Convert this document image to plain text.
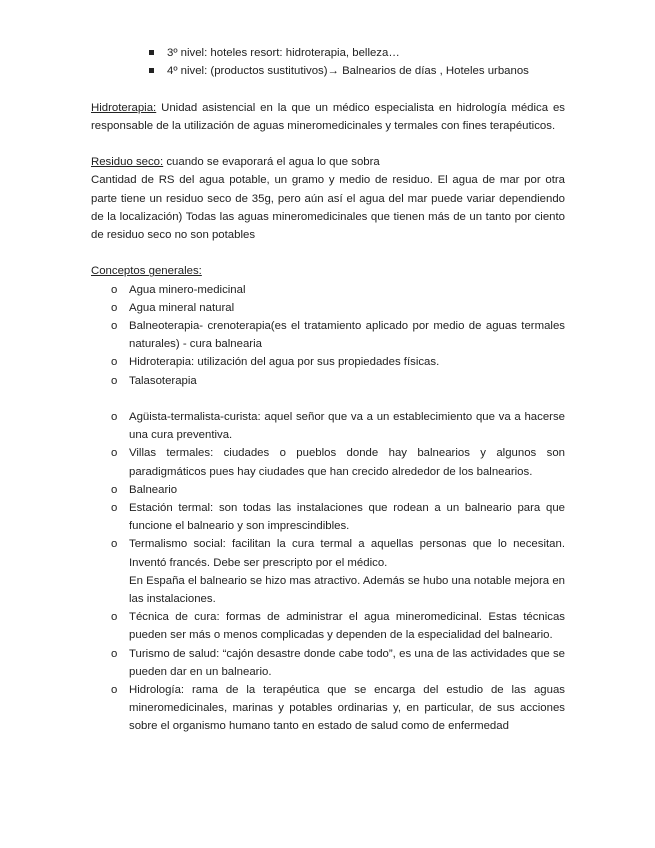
3º nivel: hoteles resort: hidroterapia, belleza…
4º nivel: (productos sustitutivos)→ Balnearios de días , Hoteles urbanos

Hidroterapia: Unidad asistencial en la que un médico especialista en hidrología médica es responsable de la utilización de aguas mineromedicinales y termales con fines terapéuticos.

Residuo seco: cuando se evaporará el agua lo que sobra

Cantidad de RS del agua potable, un gramo y medio de residuo. El agua de mar por otra parte tiene un residuo seco de 35g, pero aún así el agua del mar puede variar dependiendo de la localización) Todas las aguas mineromedicinales que tienen más de un tanto por ciento de residuo seco no son potables

Conceptos generales:

o Agua minero-medicinal
o Agua mineral natural
o Balneoterapia- crenoterapia(es el tratamiento aplicado por medio de aguas termales naturales) - cura balnearia
o Hidroterapia: utilización del agua por sus propiedades físicas.
o Talasoterapia
o Agüista-termalista-curista: aquel señor que va a un establecimiento que va a hacerse una cura preventiva.
o Villas termales: ciudades o pueblos donde hay balnearios y algunos son paradigmáticos pues hay ciudades que han crecido alrededor de los balnearios.
o Balneario
o Estación termal: son todas las instalaciones que rodean a un balneario para que funcione el balneario y son imprescindibles.
o Termalismo social: facilitan la cura termal a aquellas personas que lo necesitan. Inventó francés. Debe ser prescripto por el médico.
En España el balneario se hizo mas atractivo. Además se hubo una notable mejora en las instalaciones.
o Técnica de cura: formas de administrar el agua mineromedicinal. Estas técnicas pueden ser más o menos complicadas y dependen de la especialidad del balneario.
o Turismo de salud: “cajón desastre donde cabe todo”, es una de las actividades que se pueden dar en un balneario.
o Hidrología: rama de la terapéutica que se encarga del estudio de las aguas mineromedicinales, marinas y potables ordinarias y, en particular, de sus acciones sobre el organismo humano tanto en estado de salud como de enfermedad
